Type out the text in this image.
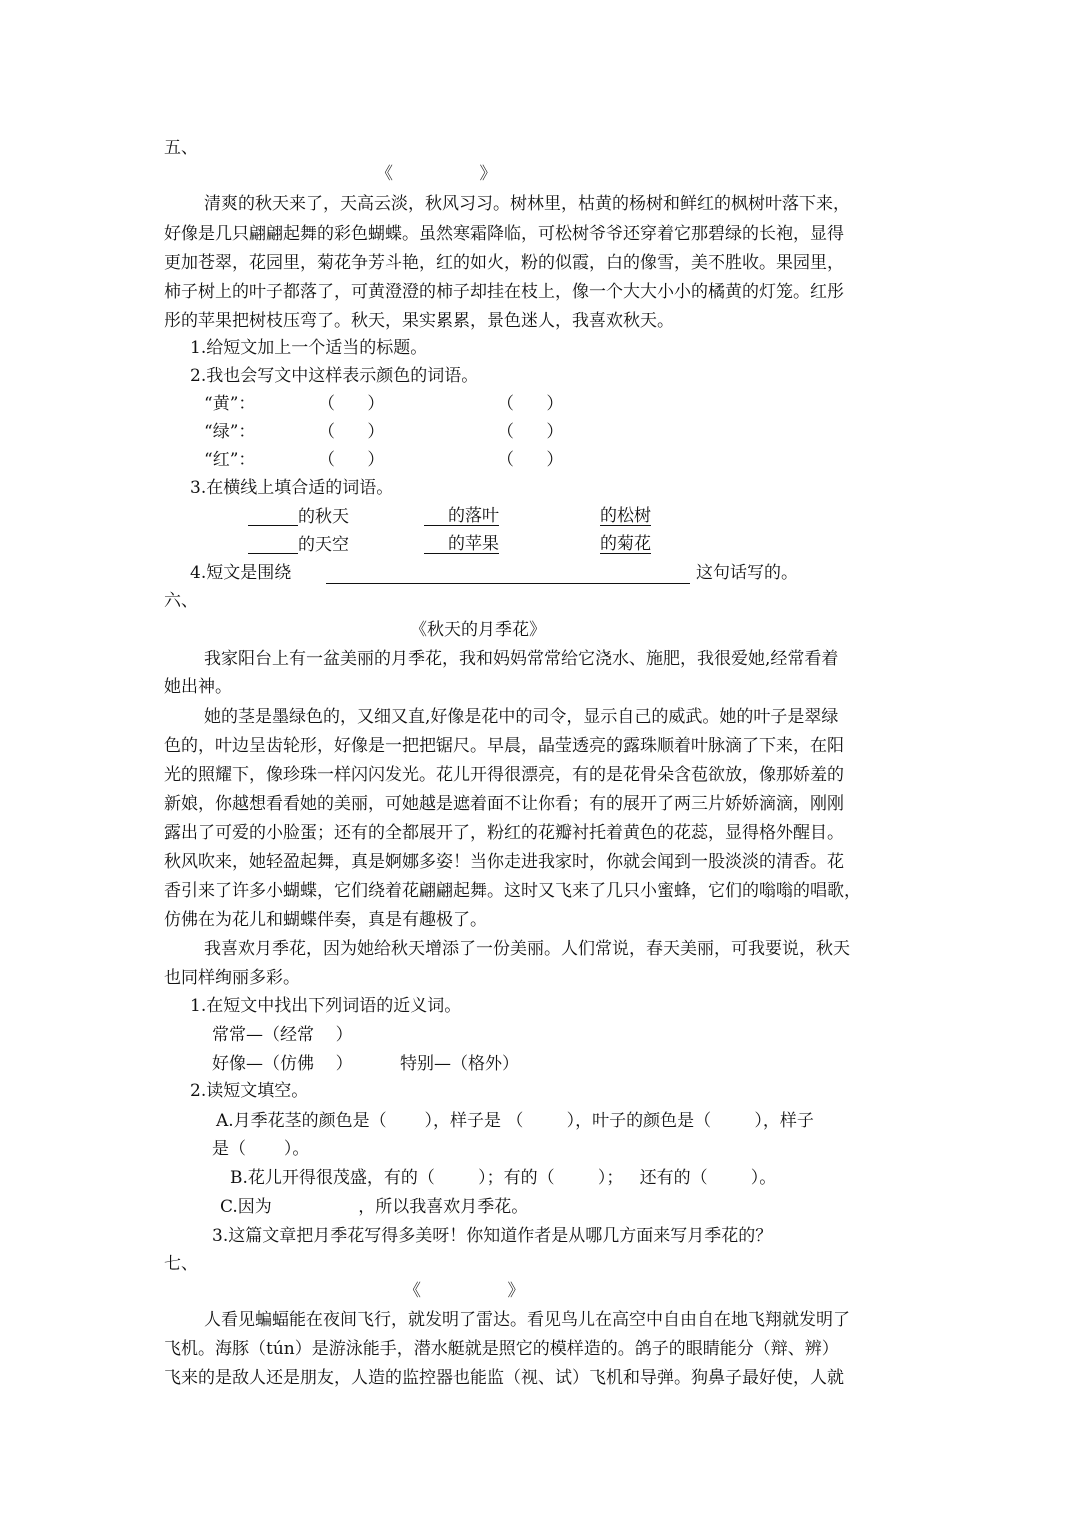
五、
《                》
清爽的秋天来了，天高云淡，秋风习习。树林里，枯黄的杨树和鲜红的枫树叶落下来，
好像是几只翩翩起舞的彩色蝴蝶。虽然寒霜降临，可松树爷爷还穿着它那碧绿的长袍，显得
更加苍翠，花园里，菊花争芳斗艳，红的如火，粉的似霞，白的像雪，美不胜收。果园里，
柿子树上的叶子都落了，可黄澄澄的柿子却挂在枝上，像一个大大小小的橘黄的灯笼。红彤
彤的苹果把树枝压弯了。秋天，果实累累，景色迷人，我喜欢秋天。
1.给短文加上一个适当的标题。
2.我也会写文中这样表示颜色的词语。
“黄”：	（      ）	（      ）
“绿”：	（      ）	（      ）
“红”：	（      ）	（      ）
3.在横线上填合适的词语。
的秋天	的落叶	的松树
的天空	的苹果	的菊花
4.短文是围绕	这句话写的。
六、
《秋天的月季花》
我家阳台上有一盆美丽的月季花，我和妈妈常常给它浇水、施肥，我很爱她,经常看着
她出神。
她的茎是墨绿色的，又细又直,好像是花中的司令，显示自己的威武。她的叶子是翠绿
色的，叶边呈齿轮形，好像是一把把锯尺。早晨，晶莹透亮的露珠顺着叶脉滴了下来，在阳
光的照耀下，像珍珠一样闪闪发光。花儿开得很漂亮，有的是花骨朵含苞欲放，像那娇羞的
新娘，你越想看看她的美丽，可她越是遮着面不让你看；有的展开了两三片娇娇滴滴，刚刚
露出了可爱的小脸蛋；还有的全都展开了，粉红的花瓣衬托着黄色的花蕊，显得格外醒目。
秋风吹来，她轻盈起舞，真是婀娜多姿！当你走进我家时，你就会闻到一股淡淡的清香。花
香引来了许多小蝴蝶，它们绕着花翩翩起舞。这时又飞来了几只小蜜蜂，它们的嗡嗡的唱歌，
仿佛在为花儿和蝴蝶伴奏，真是有趣极了。
我喜欢月季花，因为她给秋天增添了一份美丽。人们常说，春天美丽，可我要说，秋天
也同样绚丽多彩。
1.在短文中找出下列词语的近义词。
常常—（经常    ）
好像—（仿佛    ）	特别—（格外）
2.读短文填空。
A.月季花茎的颜色是（       ），样子是 （        ），叶子的颜色是（        ），样子
是（       ）。
B.花儿开得很茂盛，有的（        ）；有的（        ）；   还有的（        ）。
C.因为                ，所以我喜欢月季花。
3.这篇文章把月季花写得多美呀！你知道作者是从哪几方面来写月季花的？
七、
《                》
人看见蝙蝠能在夜间飞行，就发明了雷达。看见鸟儿在高空中自由自在地飞翔就发明了
飞机。海豚（tún）是游泳能手，潜水艇就是照它的模样造的。鸽子的眼睛能分（辩、辨）
飞来的是敌人还是朋友，人造的监控器也能监（视、试）飞机和导弹。狗鼻子最好使，人就
